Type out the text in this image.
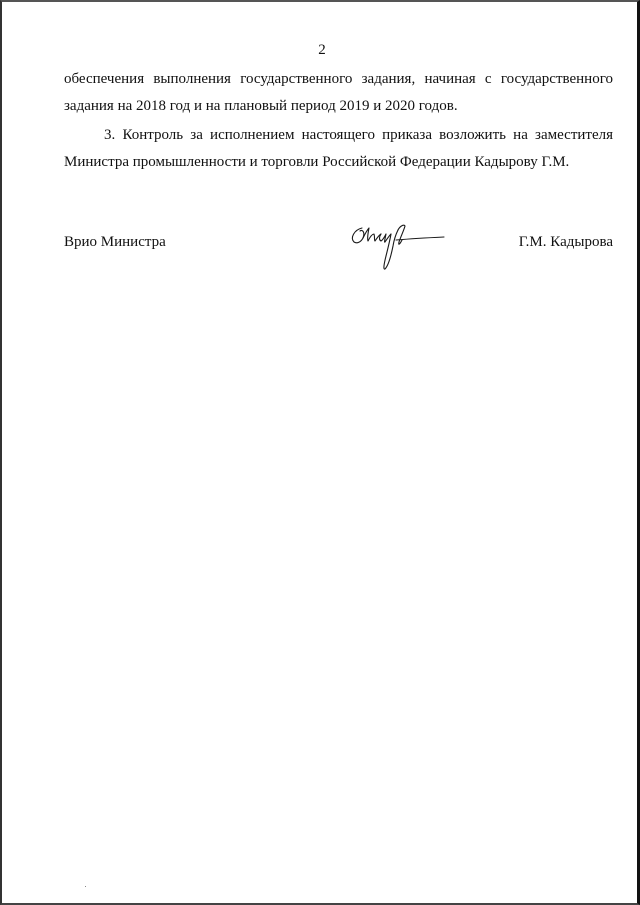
2
обеспечения выполнения государственного задания, начиная с государственного
задания на 2018 год и на плановый период 2019 и 2020 годов.
3. Контроль за исполнением настоящего приказа возложить на заместителя
Министра промышленности и торговли Российской Федерации Кадырову Г.М.
Врио Министра	Г.М. Кадырова
